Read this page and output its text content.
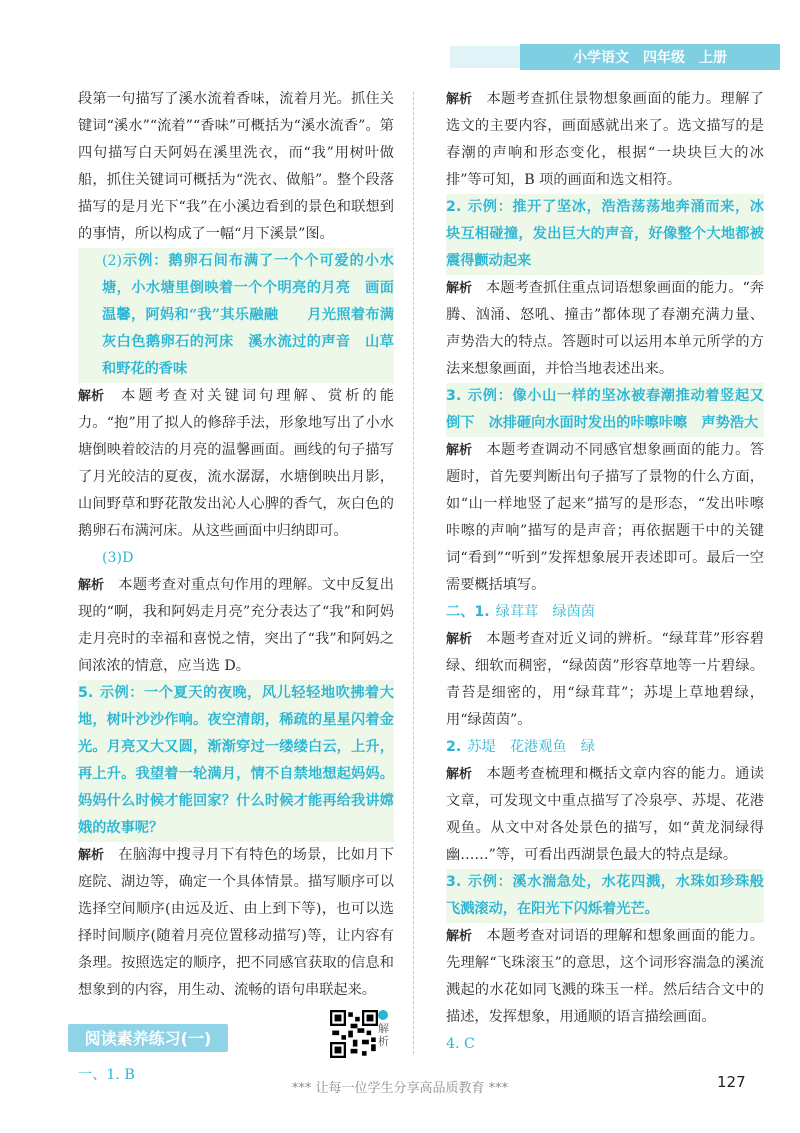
小学语文 四年级 上册

段第一句描写了溪水流着香味，流着月光。抓住关键词“溪水”“流着”“香味”可概括为“溪水流香”。第四句描写白天阿妈在溪里洗衣，而“我”用树叶做船，抓住关键词可概括为“洗衣、做船”。整个段落描写的是月光下“我”在小溪边看到的景色和联想到的事情，所以构成了一幅“月下溪景”图。

(2)示例：鹅卵石间布满了一个个可爱的小水塘，小水塘里倒映着一个个明亮的月亮　画面温馨，阿妈和“我”其乐融融　　月光照着布满灰白色鹅卵石的河床　溪水流过的声音　山草和野花的香味

解析 本题考查对关键词句理解、赏析的能力。“抱”用了拟人的修辞手法，形象地写出了小水塘倒映着皎洁的月亮的温馨画面。画线的句子描写了月光皎洁的夏夜，流水潺潺，水塘倒映出月影，山间野草和野花散发出沁人心脾的香气，灰白色的鹅卵石布满河床。从这些画面中归纳即可。

(3)D

解析 本题考查对重点句作用的理解。文中反复出现的“啊，我和阿妈走月亮”充分表达了“我”和阿妈走月亮时的幸福和喜悦之情，突出了“我”和阿妈之间浓浓的情意，应当选 D。

5. 示例：一个夏天的夜晚，风儿轻轻地吹拂着大地，树叶沙沙作响。夜空清朗，稀疏的星星闪着金光。月亮又大又圆，渐渐穿过一缕缕白云，上升，再上升。我望着一轮满月，情不自禁地想起妈妈。妈妈什么时候才能回家？什么时候才能再给我讲嫦娥的故事呢？

解析 在脑海中搜寻月下有特色的场景，比如月下庭院、湖边等，确定一个具体情景。描写顺序可以选择空间顺序(由远及近、由上到下等)，也可以选择时间顺序(随着月亮位置移动描写)等，让内容有条理。按照选定的顺序，把不同感官获取的信息和想象到的内容，用生动、流畅的语句串联起来。

阅读素养练习(一)	解析

一、1. B

解析 本题考查抓住景物想象画面的能力。理解了选文的主要内容，画面感就出来了。选文描写的是春潮的声响和形态变化，根据“一块块巨大的冰排”等可知，B 项的画面和选文相符。

2. 示例：推开了坚冰，浩浩荡荡地奔涌而来，冰块互相碰撞，发出巨大的声音，好像整个大地都被震得颤动起来

解析 本题考查抓住重点词语想象画面的能力。“奔腾、汹涌、怒吼、撞击”都体现了春潮充满力量、声势浩大的特点。答题时可以运用本单元所学的方法来想象画面，并恰当地表述出来。

3. 示例：像小山一样的坚冰被春潮推动着竖起又倒下　冰排砸向水面时发出的咔嚓咔嚓　声势浩大

解析 本题考查调动不同感官想象画面的能力。答题时，首先要判断出句子描写了景物的什么方面，如“山一样地竖了起来”描写的是形态，“发出咔嚓咔嚓的声响”描写的是声音；再依据题干中的关键词“看到”“听到”发挥想象展开表述即可。最后一空需要概括填写。

二、1. 绿茸茸　绿茵茵

解析 本题考查对近义词的辨析。“绿茸茸”形容碧绿、细软而稠密，“绿茵茵”形容草地等一片碧绿。青苔是细密的，用“绿茸茸”；苏堤上草地碧绿，用“绿茵茵”。

2. 苏堤　花港观鱼　绿

解析 本题考查梳理和概括文章内容的能力。通读文章，可发现文中重点描写了冷泉亭、苏堤、花港观鱼。从文中对各处景色的描写，如“黄龙洞绿得幽……”等，可看出西湖景色最大的特点是绿。

3. 示例：溪水湍急处，水花四溅，水珠如珍珠般飞溅滚动，在阳光下闪烁着光芒。

解析 本题考查对词语的理解和想象画面的能力。先理解“飞珠滚玉”的意思，这个词形容湍急的溪流溅起的水花如同飞溅的珠玉一样。然后结合文中的描述，发挥想象，用通顺的语言描绘画面。

4. C

*** 让每一位学生分享高品质教育 ***	127
